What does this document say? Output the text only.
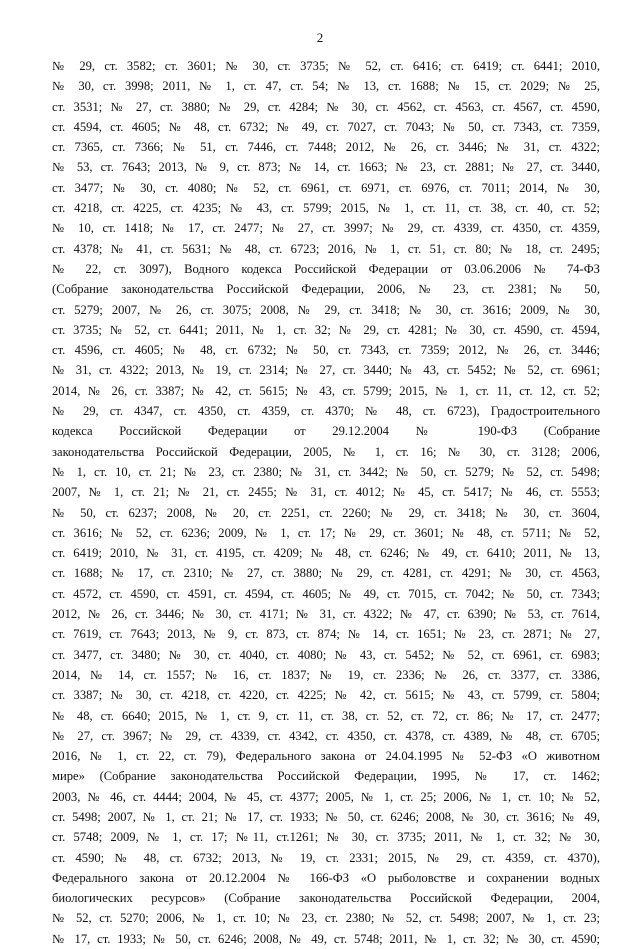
2
№ 29, ст. 3582; ст. 3601; № 30, ст. 3735; № 52, ст. 6416; ст. 6419; ст. 6441; 2010,
№ 30, ст. 3998; 2011, № 1, ст. 47, ст. 54; № 13, ст. 1688; № 15, ст. 2029; № 25,
ст. 3531; № 27, ст. 3880; № 29, ст. 4284; № 30, ст. 4562, ст. 4563, ст. 4567, ст. 4590,
ст. 4594, ст. 4605; № 48, ст. 6732; № 49, ст. 7027, ст. 7043; № 50, ст. 7343, ст. 7359,
ст. 7365, ст. 7366; № 51, ст. 7446, ст. 7448; 2012, № 26, ст. 3446; № 31, ст. 4322;
№ 53, ст. 7643; 2013, № 9, ст. 873; № 14, ст. 1663; № 23, ст. 2881; № 27, ст. 3440,
ст. 3477; № 30, ст. 4080; № 52, ст. 6961, ст. 6971, ст. 6976, ст. 7011; 2014, № 30,
ст. 4218, ст. 4225, ст. 4235; № 43, ст. 5799; 2015, № 1, ст. 11, ст. 38, ст. 40, ст. 52;
№ 10, ст. 1418; № 17, ст. 2477; № 27, ст. 3997; № 29, ст. 4339, ст. 4350, ст. 4359,
ст. 4378; № 41, ст. 5631; № 48, ст. 6723; 2016, № 1, ст. 51, ст. 80; № 18, ст. 2495;
№ 22, ст. 3097), Водного кодекса Российской Федерации от 03.06.2006 № 74-ФЗ
(Собрание законодательства Российской Федерации, 2006, № 23, ст. 2381; № 50,
ст. 5279; 2007, № 26, ст. 3075; 2008, № 29, ст. 3418; № 30, ст. 3616; 2009, № 30,
ст. 3735; № 52, ст. 6441; 2011, № 1, ст. 32; № 29, ст. 4281; № 30, ст. 4590, ст. 4594,
ст. 4596, ст. 4605; № 48, ст. 6732; № 50, ст. 7343, ст. 7359; 2012, № 26, ст. 3446;
№ 31, ст. 4322; 2013, № 19, ст. 2314; № 27, ст. 3440; № 43, ст. 5452; № 52, ст. 6961;
2014, № 26, ст. 3387; № 42, ст. 5615; № 43, ст. 5799; 2015, № 1, ст. 11, ст. 12, ст. 52;
№ 29, ст. 4347, ст. 4350, ст. 4359, ст. 4370; № 48, ст. 6723), Градостроительного
кодекса Российской Федерации от 29.12.2004 № 190-ФЗ (Собрание
законодательства Российской Федерации, 2005, № 1, ст. 16; № 30, ст. 3128; 2006,
№ 1, ст. 10, ст. 21; № 23, ст. 2380; № 31, ст. 3442; № 50, ст. 5279; № 52, ст. 5498;
2007, № 1, ст. 21; № 21, ст. 2455; № 31, ст. 4012; № 45, ст. 5417; № 46, ст. 5553;
№ 50, ст. 6237; 2008, № 20, ст. 2251, ст. 2260; № 29, ст. 3418; № 30, ст. 3604,
ст. 3616; № 52, ст. 6236; 2009, № 1, ст. 17; № 29, ст. 3601; № 48, ст. 5711; № 52,
ст. 6419; 2010, № 31, ст. 4195, ст. 4209; № 48, ст. 6246; № 49, ст. 6410; 2011, № 13,
ст. 1688; № 17, ст. 2310; № 27, ст. 3880; № 29, ст. 4281, ст. 4291; № 30, ст. 4563,
ст. 4572, ст. 4590, ст. 4591, ст. 4594, ст. 4605; № 49, ст. 7015, ст. 7042; № 50, ст. 7343;
2012, № 26, ст. 3446; № 30, ст. 4171; № 31, ст. 4322; № 47, ст. 6390; № 53, ст. 7614,
ст. 7619, ст. 7643; 2013, № 9, ст. 873, ст. 874; № 14, ст. 1651; № 23, ст. 2871; № 27,
ст. 3477, ст. 3480; № 30, ст. 4040, ст. 4080; № 43, ст. 5452; № 52, ст. 6961, ст. 6983;
2014, № 14, ст. 1557; № 16, ст. 1837; № 19, ст. 2336; № 26, ст. 3377, ст. 3386,
ст. 3387; № 30, ст. 4218, ст. 4220, ст. 4225; № 42, ст. 5615; № 43, ст. 5799, ст. 5804;
№ 48, ст. 6640; 2015, № 1, ст. 9, ст. 11, ст. 38, ст. 52, ст. 72, ст. 86; № 17, ст. 2477;
№ 27, ст. 3967; № 29, ст. 4339, ст. 4342, ст. 4350, ст. 4378, ст. 4389, № 48, ст. 6705;
2016, № 1, ст. 22, ст. 79), Федерального закона от 24.04.1995 № 52-ФЗ «О животном
мире» (Собрание законодательства Российской Федерации, 1995, № 17, ст. 1462;
2003, № 46, ст. 4444; 2004, № 45, ст. 4377; 2005, № 1, ст. 25; 2006, № 1, ст. 10; № 52,
ст. 5498; 2007, № 1, ст. 21; № 17, ст. 1933; № 50, ст. 6246; 2008, № 30, ст. 3616; № 49,
ст. 5748; 2009, № 1, ст. 17; №11, ст.1261; № 30, ст. 3735; 2011, № 1, ст. 32; № 30,
ст. 4590; № 48, ст. 6732; 2013, № 19, ст. 2331; 2015, № 29, ст. 4359, ст. 4370),
Федерального закона от 20.12.2004 № 166-ФЗ «О рыболовстве и сохранении водных
биологических ресурсов» (Собрание законодательства Российской Федерации, 2004,
№ 52, ст. 5270; 2006, № 1, ст. 10; № 23, ст. 2380; № 52, ст. 5498; 2007, № 1, ст. 23;
№ 17, ст. 1933; № 50, ст. 6246; 2008, № 49, ст. 5748; 2011, № 1, ст. 32; № 30, ст. 4590;
